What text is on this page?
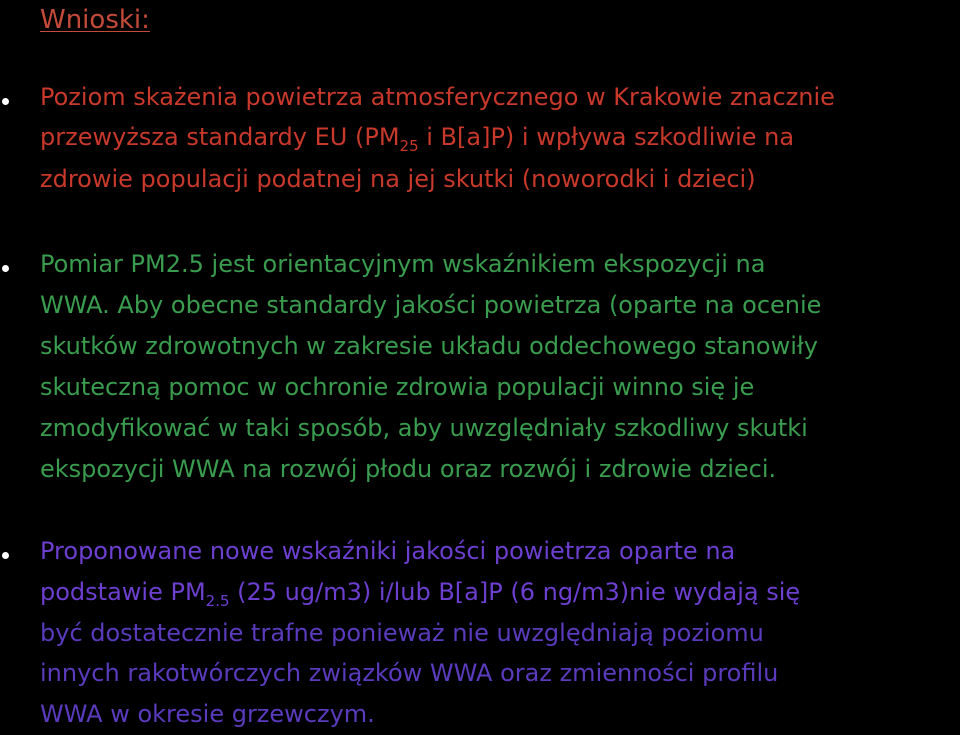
Wnioski:
Poziom skażenia powietrza atmosferycznego w Krakowie znacznie
przewyższa standardy EU ($PM_{25}$ i B[a]P) i wpływa szkodliwie na
zdrowie populacji podatnej na jej skutki (noworodki i dzieci)
Pomiar PM2.5 jest orientacyjnym wskaźnikiem ekspozycji na
WWA. Aby obecne standardy jakości powietrza (oparte na ocenie
skutków zdrowotnych w zakresie układu oddechowego stanowiły
skuteczną pomoc w ochronie zdrowia populacji winno się je
zmodyfikować w taki sposób, aby uwzględniały szkodliwy skutki
ekspozycji WWA na rozwój płodu oraz rozwój i zdrowie dzieci.
Proponowane nowe wskaźniki jakości powietrza oparte na
podstawie $PM_{2.5}$ (25 ug/m3) i/lub B[a]P (6 ng/m3)nie wydają się
być dostatecznie trafne ponieważ nie uwzględniają poziomu
innych rakotwórczych związków WWA oraz zmienności profilu
WWA w okresie grzewczym.
